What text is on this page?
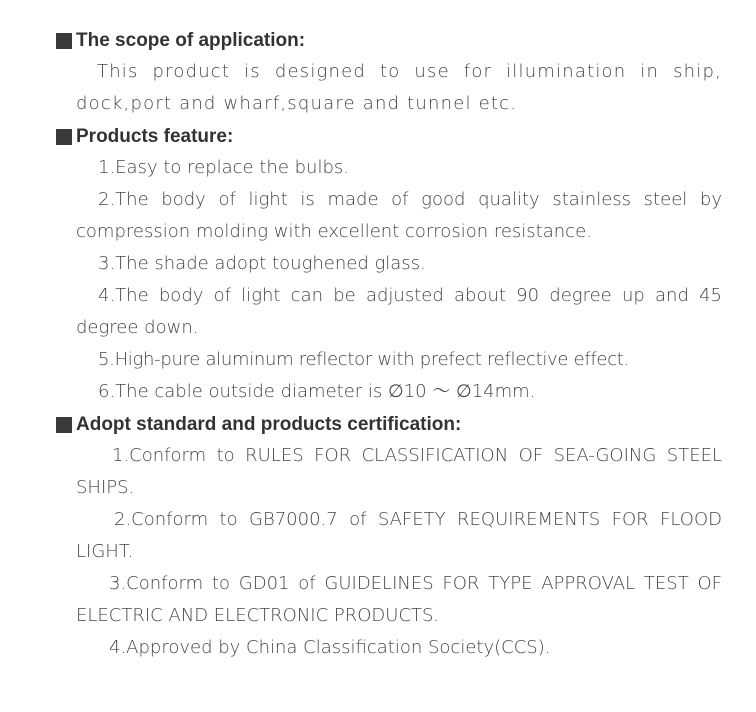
The scope of application:
This product is designed to use for illumination in ship, dock,port and wharf,square and tunnel etc.
Products feature:
1.Easy to replace the bulbs.
2.The body of light is made of good quality stainless steel by compression molding with excellent corrosion resistance.
3.The shade adopt toughened glass.
4.The body of light can be adjusted about 90 degree up and 45 degree down.
5.High-pure aluminum reflector with prefect reflective effect.
6.The cable outside diameter is ∅10 ～ ∅14mm.
Adopt standard and products certification:
1.Conform to RULES FOR CLASSIFICATION OF SEA-GOING STEEL SHIPS.
2.Conform to GB7000.7 of SAFETY REQUIREMENTS FOR FLOOD LIGHT.
3.Conform to GD01 of GUIDELINES FOR TYPE APPROVAL TEST OF ELECTRIC AND ELECTRONIC PRODUCTS.
4.Approved by China Classification Society(CCS).
